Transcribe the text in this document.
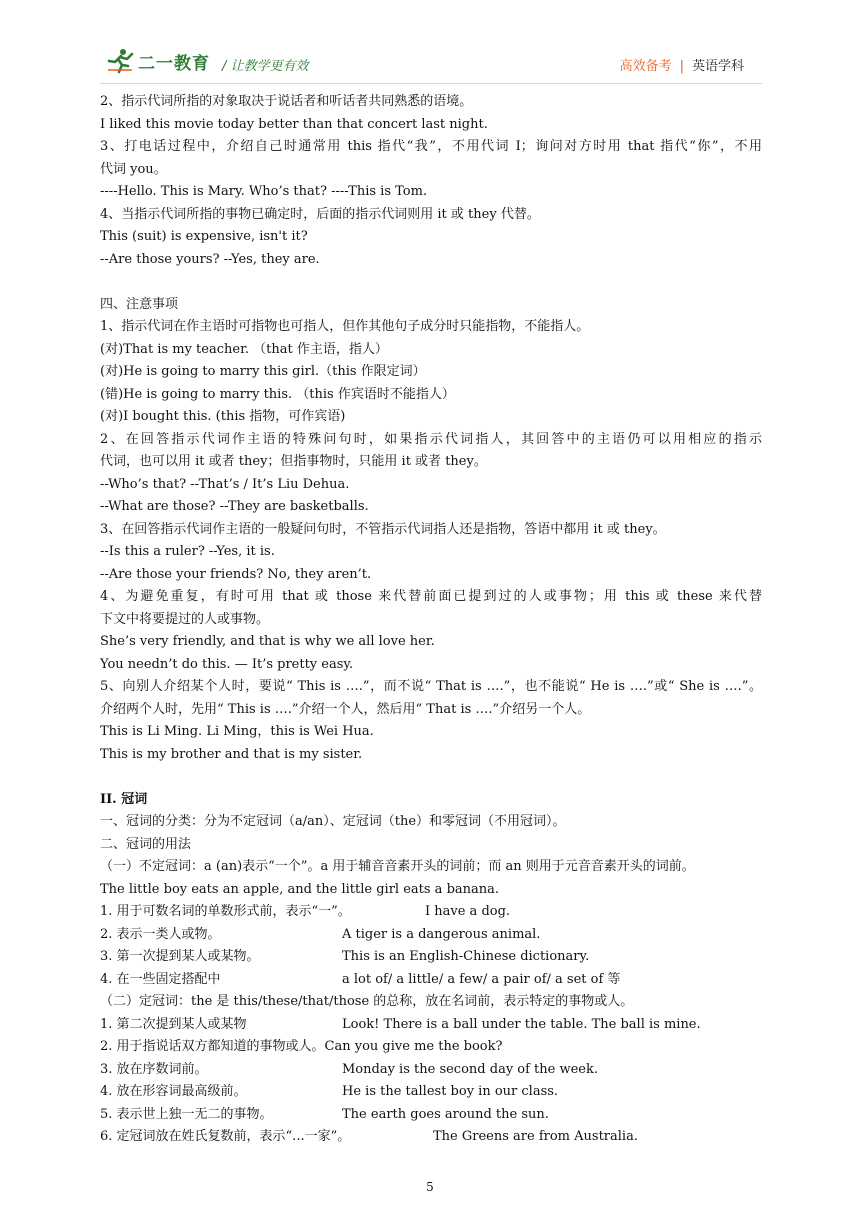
二一教育 / 让教学更有效	高效备考 | 英语学科
2、指示代词所指的对象取决于说话者和听话者共同熟悉的语境。
I liked this movie today better than that concert last night.
3、打电话过程中，介绍自己时通常用 this 指代“我”，不用代词 I；询问对方时用 that 指代“你”，不用
代词 you。
----Hello. This is Mary. Who’s that? ----This is Tom.
4、当指示代词所指的事物已确定时，后面的指示代词则用 it 或 they 代替。
This (suit) is expensive, isn't it?
--Are those yours? --Yes, they are.
四、注意事项
1、指示代词在作主语时可指物也可指人，但作其他句子成分时只能指物，不能指人。
(对)That is my teacher. （that 作主语，指人）
(对)He is going to marry this girl.（this 作限定词）
(错)He is going to marry this. （this 作宾语时不能指人）
(对)I bought this. (this 指物，可作宾语)
2、在回答指示代词作主语的特殊问句时，如果指示代词指人，其回答中的主语仍可以用相应的指示
代词，也可以用 it 或者 they；但指事物时，只能用 it 或者 they。
--Who’s that? --That’s / It’s Liu Dehua.
--What are those? --They are basketballs.
3、在回答指示代词作主语的一般疑问句时，不管指示代词指人还是指物，答语中都用 it 或 they。
--Is this a ruler? --Yes, it is.
--Are those your friends? No, they aren’t.
4、为避免重复，有时可用 that 或 those 来代替前面已提到过的人或事物；用 this 或 these 来代替
下文中将要提过的人或事物。
She’s very friendly, and that is why we all love her.
You needn’t do this. — It’s pretty easy.
5、向别人介绍某个人时，要说“ This is ….”，而不说“ That is ….”，也不能说“ He is ….”或“ She is ….”。
介绍两个人时，先用“ This is ….”介绍一个人，然后用“ That is ….”介绍另一个人。
This is Li Ming. Li Ming，this is Wei Hua.
This is my brother and that is my sister.
II. 冠词
一、冠词的分类：分为不定冠词（a/an）、定冠词（the）和零冠词（不用冠词）。
二、冠词的用法
（一）不定冠词：a (an)表示“一个”。a 用于辅音音素开头的词前；而 an 则用于元音音素开头的词前。
The little boy eats an apple, and the little girl eats a banana.
1. 用于可数名词的单数形式前，表示“一”。	I have a dog.
2. 表示一类人或物。	A tiger is a dangerous animal.
3. 第一次提到某人或某物。	This is an English-Chinese dictionary.
4. 在一些固定搭配中	a lot of/ a little/ a few/ a pair of/ a set of 等
（二）定冠词：the 是 this/these/that/those 的总称，放在名词前，表示特定的事物或人。
1. 第二次提到某人或某物	Look! There is a ball under the table. The ball is mine.
2. 用于指说话双方都知道的事物或人。Can you give me the book?
3. 放在序数词前。	Monday is the second day of the week.
4. 放在形容词最高级前。	He is the tallest boy in our class.
5. 表示世上独一无二的事物。	The earth goes around the sun.
6. 定冠词放在姓氏复数前，表示“...一家”。	The Greens are from Australia.
5
